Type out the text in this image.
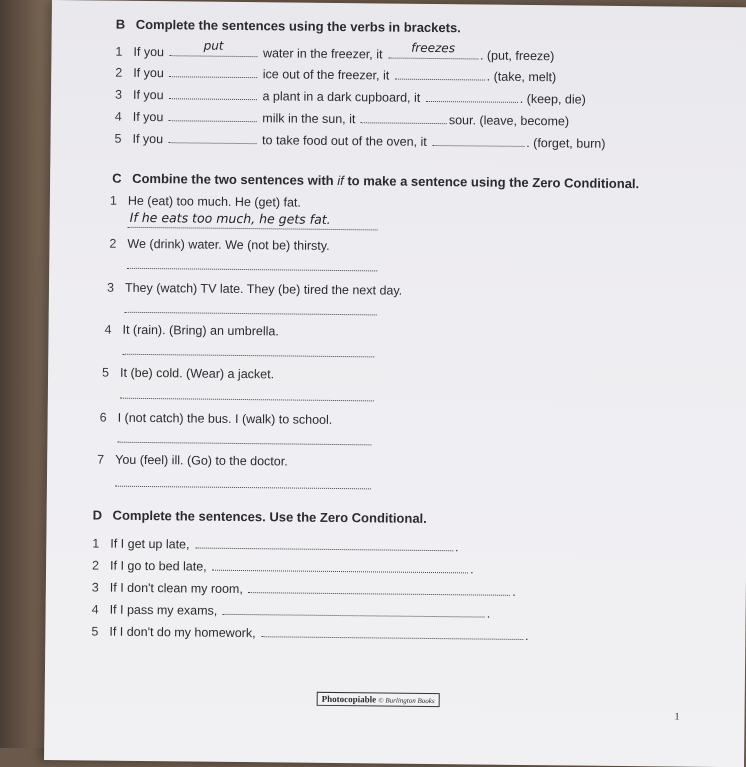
B Complete the sentences using the verbs in brackets.
1 If you	put
water in the freezer, it	freezes
. (put, freeze)
2 If you	ice out of the freezer, it	. (take, melt)
3 If you	a plant in a dark cupboard, it	. (keep, die)
4 If you	milk in the sun, it	sour. (leave, become)
5 If you	to take food out of the oven, it	. (forget, burn)
C Combine the two sentences with if to make a sentence using the Zero Conditional.
1 He (eat) too much. He (get) fat.
If he eats too much, he gets fat.
2 We (drink) water. We (not be) thirsty.
3 They (watch) TV late. They (be) tired the next day.
4 It (rain). (Bring) an umbrella.
5 It (be) cold. (Wear) a jacket.
6 I (not catch) the bus. I (walk) to school.
7 You (feel) ill. (Go) to the doctor.
D Complete the sentences. Use the Zero Conditional.
1 If I get up late,	.
2 If I go to bed late,	.
3 If I don't clean my room,	.
4 If I pass my exams,	.
5 If I don't do my homework,	.
Photocopiable © Burlington Books
1
